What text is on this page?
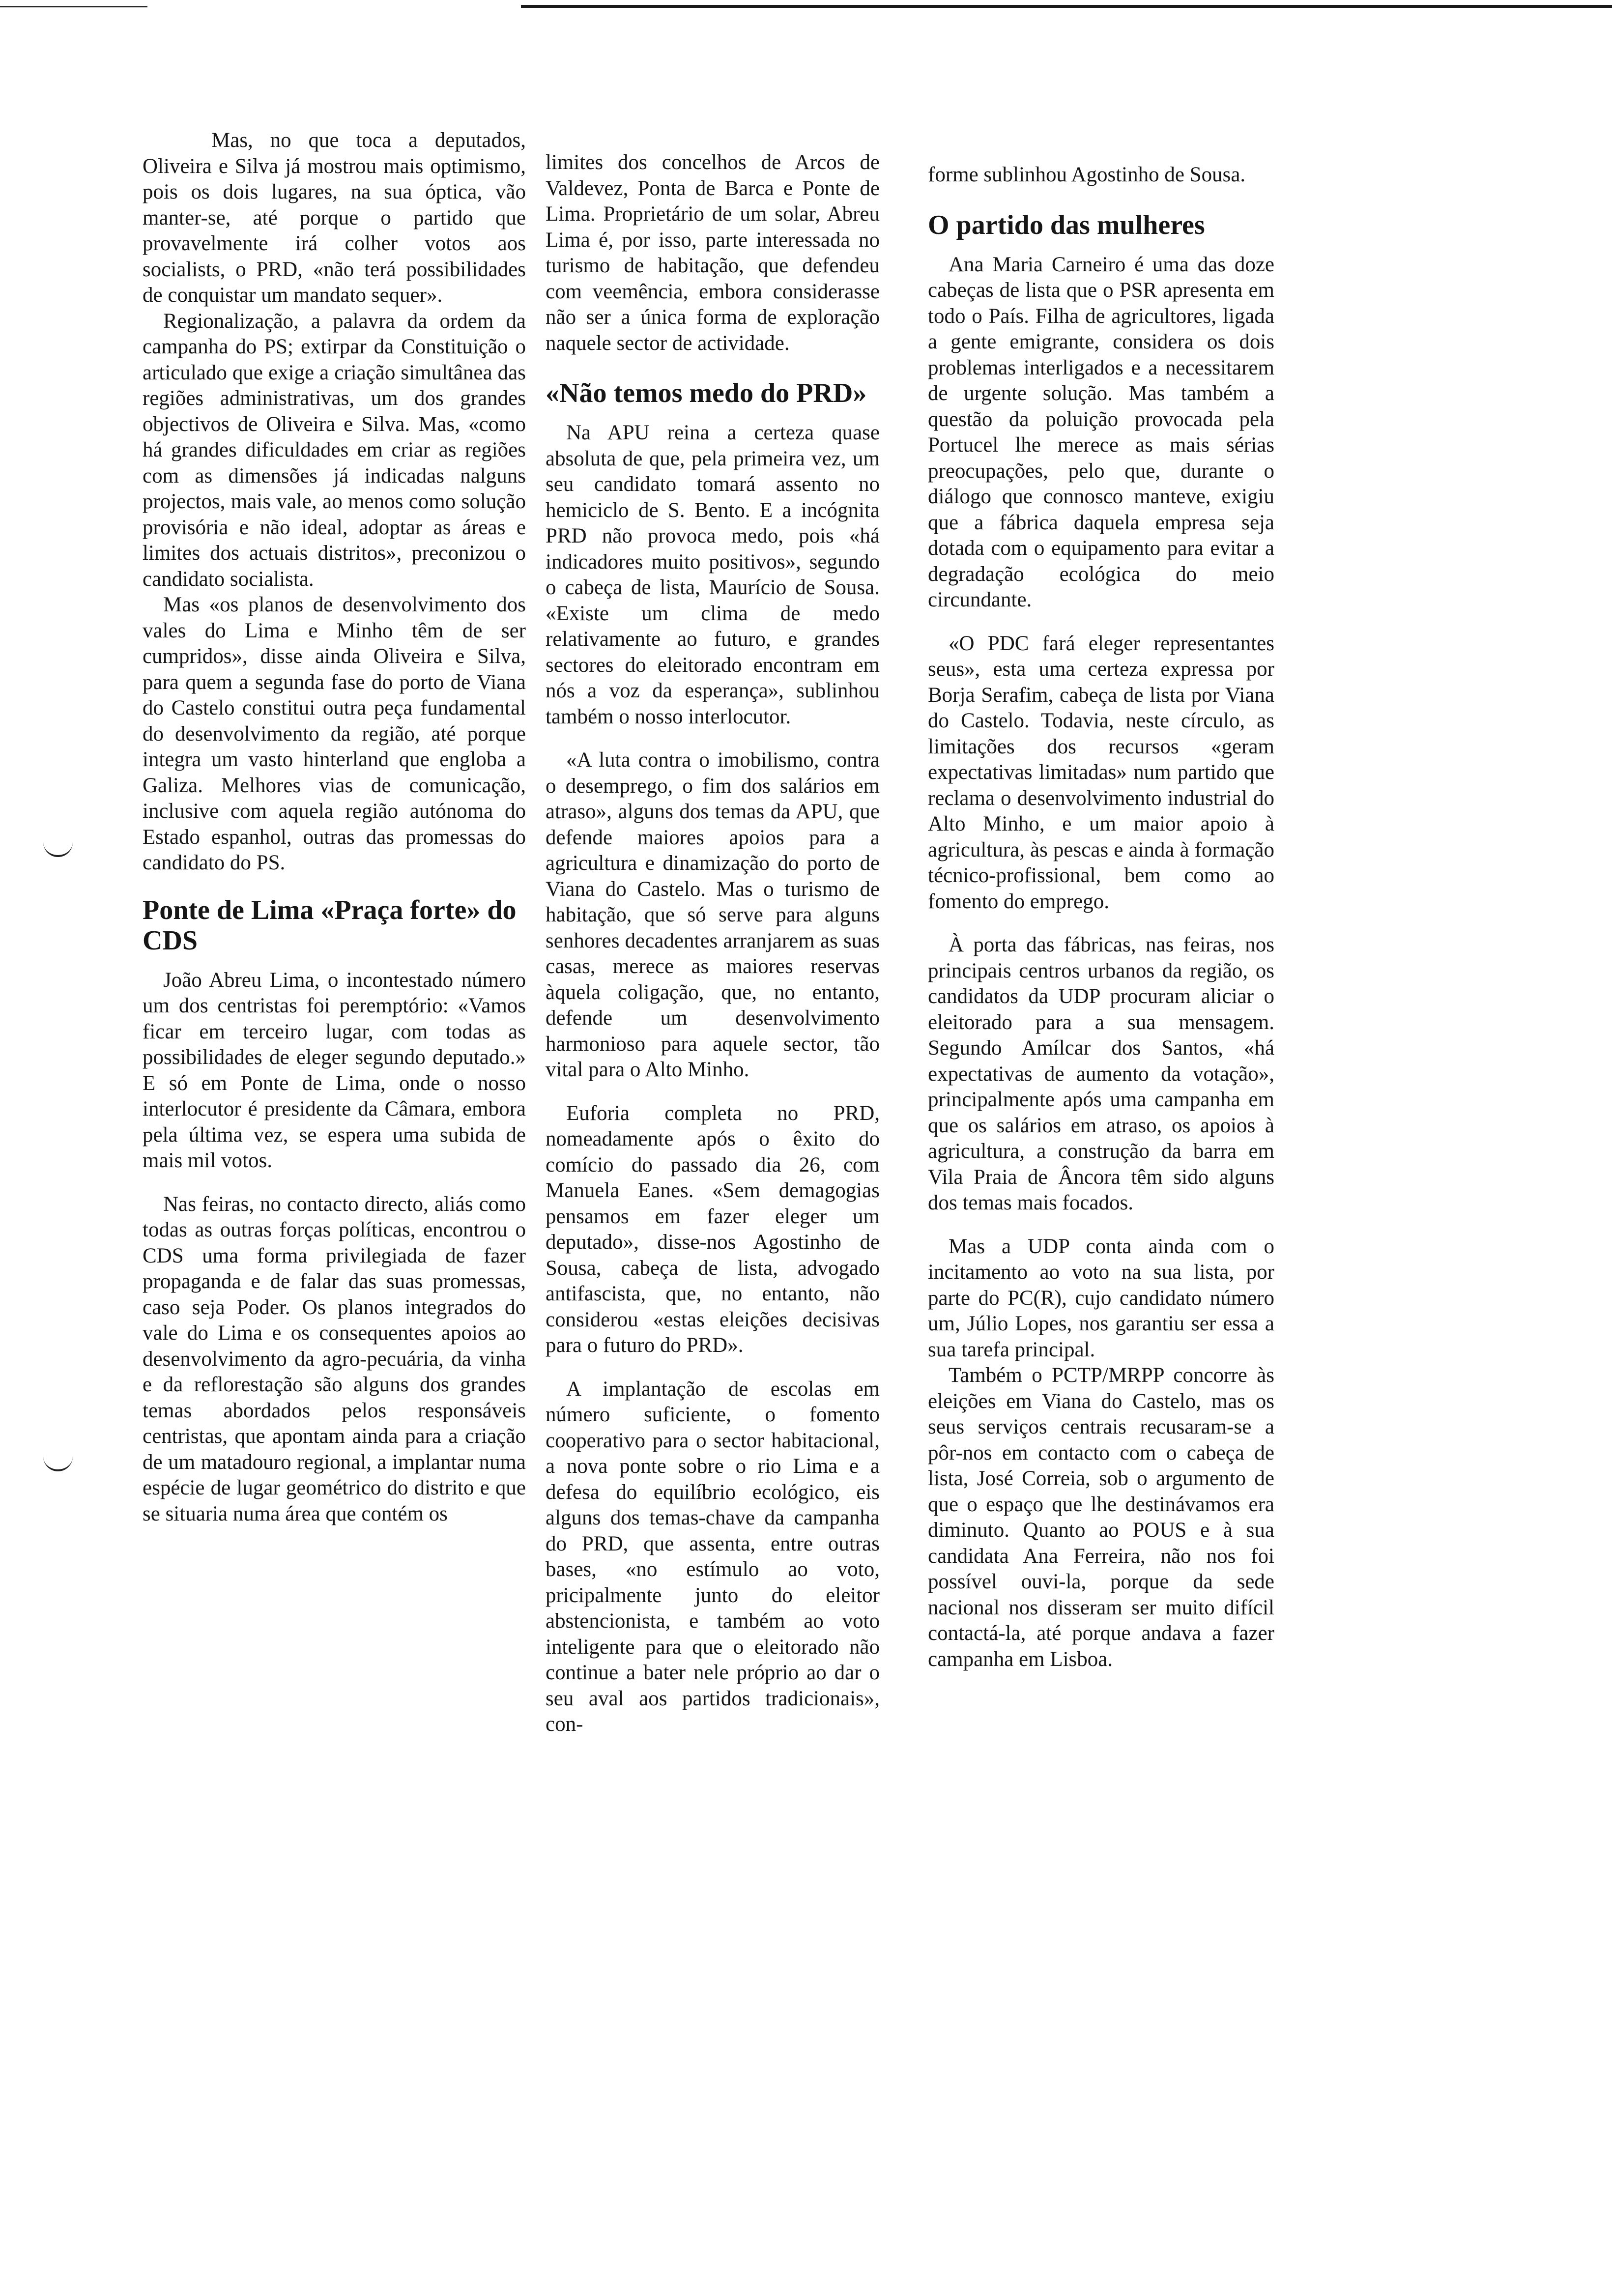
Mas, no que toca a deputados, Oliveira e Silva já mostrou mais optimismo, pois os dois lugares, na sua óptica, vão manter-se, até porque o partido que provavelmente irá colher votos aos socialists, o PRD, «não terá possibilidades de conquistar um mandato sequer».

Regionalização, a palavra da ordem da campanha do PS; extirpar da Constituição o articulado que exige a criação simultânea das regiões administrativas, um dos grandes objectivos de Oliveira e Silva. Mas, «como há grandes dificuldades em criar as regiões com as dimensões já indicadas nalguns projectos, mais vale, ao menos como solução provisória e não ideal, adoptar as áreas e limites dos actuais distritos», preconizou o candidato socialista.

Mas «os planos de desenvolvimento dos vales do Lima e Minho têm de ser cumpridos», disse ainda Oliveira e Silva, para quem a segunda fase do porto de Viana do Castelo constitui outra peça fundamental do desenvolvimento da região, até porque integra um vasto hinterland que engloba a Galiza. Melhores vias de comunicação, inclusive com aquela região autónoma do Estado espanhol, outras das promessas do candidato do PS.

Ponte de Lima «Praça forte» do CDS

João Abreu Lima, o incontestado número um dos centristas foi peremptório: «Vamos ficar em terceiro lugar, com todas as possibilidades de eleger segundo deputado.» E só em Ponte de Lima, onde o nosso interlocutor é presidente da Câmara, embora pela última vez, se espera uma subida de mais mil votos.

Nas feiras, no contacto directo, aliás como todas as outras forças políticas, encontrou o CDS uma forma privilegiada de fazer propaganda e de falar das suas promessas, caso seja Poder. Os planos integrados do vale do Lima e os consequentes apoios ao desenvolvimento da agro-pecuária, da vinha e da reflorestação são alguns dos grandes temas abordados pelos responsáveis centristas, que apontam ainda para a criação de um matadouro regional, a implantar numa espécie de lugar geométrico do distrito e que se situaria numa área que contém os

limites dos concelhos de Arcos de Valdevez, Ponta de Barca e Ponte de Lima. Proprietário de um solar, Abreu Lima é, por isso, parte interessada no turismo de habitação, que defendeu com veemência, embora considerasse não ser a única forma de exploração naquele sector de actividade.

«Não temos medo do PRD»

Na APU reina a certeza quase absoluta de que, pela primeira vez, um seu candidato tomará assento no hemiciclo de S. Bento. E a incógnita PRD não provoca medo, pois «há indicadores muito positivos», segundo o cabeça de lista, Maurício de Sousa. «Existe um clima de medo relativamente ao futuro, e grandes sectores do eleitorado encontram em nós a voz da esperança», sublinhou também o nosso interlocutor.

«A luta contra o imobilismo, contra o desemprego, o fim dos salários em atraso», alguns dos temas da APU, que defende maiores apoios para a agricultura e dinamização do porto de Viana do Castelo. Mas o turismo de habitação, que só serve para alguns senhores decadentes arranjarem as suas casas, merece as maiores reservas àquela coligação, que, no entanto, defende um desenvolvimento harmonioso para aquele sector, tão vital para o Alto Minho.

Euforia completa no PRD, nomeadamente após o êxito do comício do passado dia 26, com Manuela Eanes. «Sem demagogias pensamos em fazer eleger um deputado», disse-nos Agostinho de Sousa, cabeça de lista, advogado antifascista, que, no entanto, não considerou «estas eleições decisivas para o futuro do PRD».

A implantação de escolas em número suficiente, o fomento cooperativo para o sector habitacional, a nova ponte sobre o rio Lima e a defesa do equilíbrio ecológico, eis alguns dos temas-chave da campanha do PRD, que assenta, entre outras bases, «no estímulo ao voto, pricipalmente junto do eleitor abstencionista, e também ao voto inteligente para que o eleitorado não continue a bater nele próprio ao dar o seu aval aos partidos tradicionais», con-

forme sublinhou Agostinho de Sousa.

O partido das mulheres

Ana Maria Carneiro é uma das doze cabeças de lista que o PSR apresenta em todo o País. Filha de agricultores, ligada a gente emigrante, considera os dois problemas interligados e a necessitarem de urgente solução. Mas também a questão da poluição provocada pela Portucel lhe merece as mais sérias preocupações, pelo que, durante o diálogo que connosco manteve, exigiu que a fábrica daquela empresa seja dotada com o equipamento para evitar a degradação ecológica do meio circundante.

«O PDC fará eleger representantes seus», esta uma certeza expressa por Borja Serafim, cabeça de lista por Viana do Castelo. Todavia, neste círculo, as limitações dos recursos «geram expectativas limitadas» num partido que reclama o desenvolvimento industrial do Alto Minho, e um maior apoio à agricultura, às pescas e ainda à formação técnico-profissional, bem como ao fomento do emprego.

À porta das fábricas, nas feiras, nos principais centros urbanos da região, os candidatos da UDP procuram aliciar o eleitorado para a sua mensagem. Segundo Amílcar dos Santos, «há expectativas de aumento da votação», principalmente após uma campanha em que os salários em atraso, os apoios à agricultura, a construção da barra em Vila Praia de Âncora têm sido alguns dos temas mais focados.

Mas a UDP conta ainda com o incitamento ao voto na sua lista, por parte do PC(R), cujo candidato número um, Júlio Lopes, nos garantiu ser essa a sua tarefa principal.

Também o PCTP/MRPP concorre às eleições em Viana do Castelo, mas os seus serviços centrais recusaram-se a pôr-nos em contacto com o cabeça de lista, José Correia, sob o argumento de que o espaço que lhe destinávamos era diminuto. Quanto ao POUS e à sua candidata Ana Ferreira, não nos foi possível ouvi-la, porque da sede nacional nos disseram ser muito difícil contactá-la, até porque andava a fazer campanha em Lisboa.
